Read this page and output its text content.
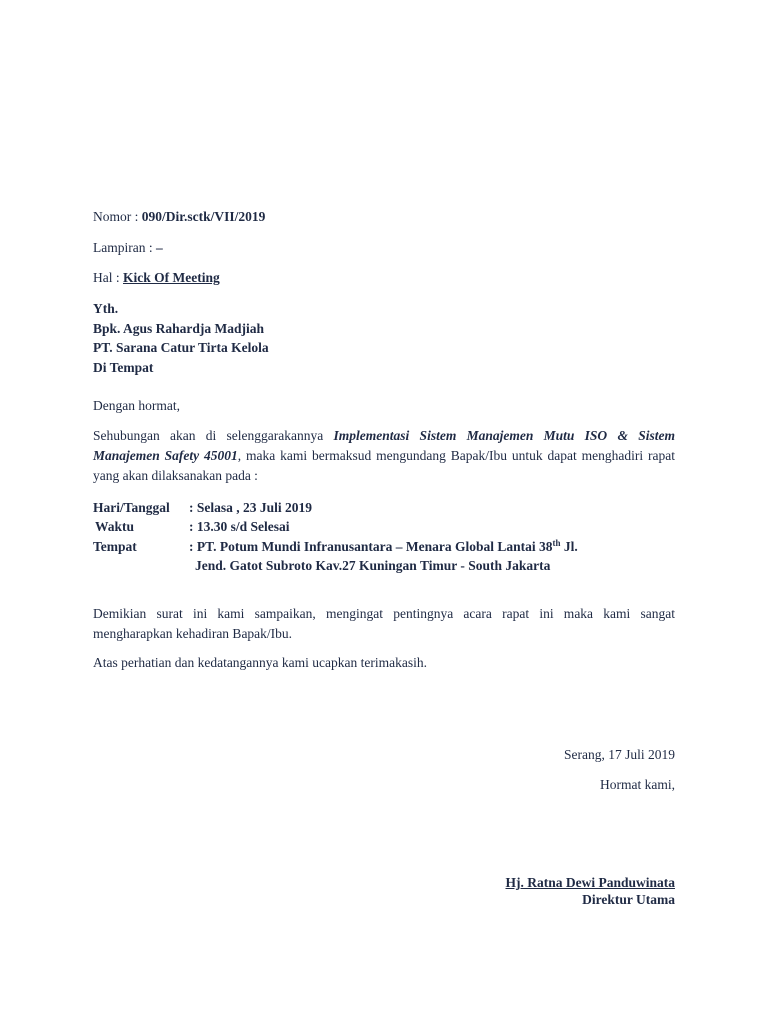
Nomor : 090/Dir.sctk/VII/2019
Lampiran : –
Hal : Kick Of Meeting
Yth.
Bpk. Agus Rahardja Madjiah
PT. Sarana Catur Tirta Kelola
Di Tempat
Dengan hormat,
Sehubungan akan di selenggarakannya Implementasi Sistem Manajemen Mutu ISO & Sistem Manajemen Safety 45001, maka kami bermaksud mengundang Bapak/Ibu untuk dapat menghadiri rapat yang akan dilaksanakan pada :
Hari/Tanggal : Selasa , 23 Juli 2019
Waktu	: 13.30 s/d Selesai
Tempat	: PT. Potum Mundi Infranusantara – Menara Global Lantai 38th Jl.
Jend. Gatot Subroto Kav.27 Kuningan Timur - South Jakarta
Demikian surat ini kami sampaikan, mengingat pentingnya acara rapat ini maka kami sangat mengharapkan kehadiran Bapak/Ibu.
Atas perhatian dan kedatangannya kami ucapkan terimakasih.
Serang, 17 Juli 2019
Hormat kami,
Hj. Ratna Dewi Panduwinata
Direktur Utama
